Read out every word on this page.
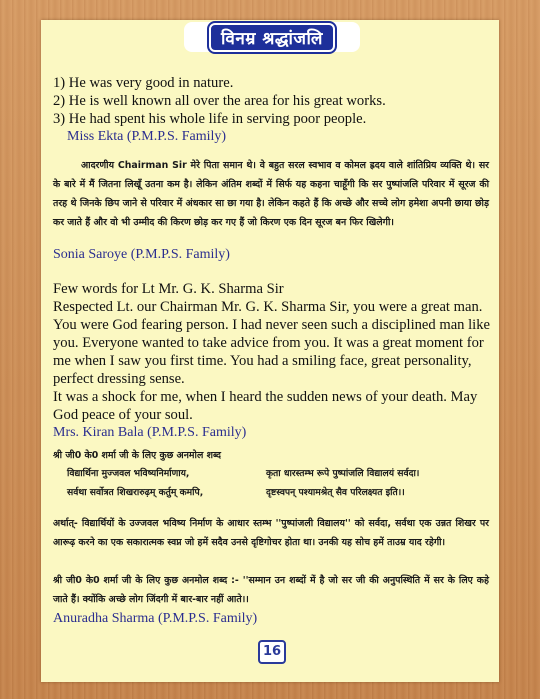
विनम्र श्रद्धांजलि

1) He was very good in nature.

2) He is well known all over the area for his great works.

3) He had spent his whole life in serving poor people.

Miss Ekta (P.M.P.S. Family)

आदरणीय Chairman Sir मेरे पिता समान थे। वे बहुत सरल स्वभाव व कोमल ह्रदय वाले शांतिप्रिय व्यक्ति थे। सर के बारे में मैं जितना लिखूँ उतना कम है। लेकिन अंतिम शब्दों में सिर्फ यह कहना चाहूँगी कि सर पुष्पांजलि परिवार में सूरज की तरह थे जिनके छिप जाने से परिवार में अंधकार सा छा गया है। लेकिन कहते हैं कि अच्छे और सच्चे लोग हमेशा अपनी छाया छोड़ कर जाते हैं और वो भी उम्मीद की किरण छोड़ कर गए हैं जो किरण एक दिन सूरज बन फिर खिलेगी।

Sonia Saroye (P.M.P.S. Family)

Few words for Lt Mr. G. K. Sharma Sir

Respected Lt. our Chairman Mr. G. K. Sharma Sir, you were a great man.

You were God fearing person. I had never seen such a disciplined man like

you. Everyone wanted to take advice from you. It was a great moment for

me when I saw you first time. You had a smiling face, great personality,

perfect dressing sense.

It was a shock for me, when I heard the sudden news of your death. May

God peace of your soul.

Mrs. Kiran Bala (P.M.P.S. Family)

श्री जी0 के0 शर्मा जी के लिए कुछ अनमोल शब्द
विद्यार्थिना मुज्जवल भविष्यनिर्माणाय,	कृता धारस्तम्भ रूपे पुष्पांजलि विद्यालयं सर्वदा।
सर्वथा सर्वोत्रत शिखरारुढ़म् कर्तुम् कमपि,	दृष्टस्वपन् पश्यामश्रेत् सैव परिलक्ष्यत इति।।

अर्थात्- विद्यार्थियों के उज्जवल भविष्य निर्माण के आधार स्तम्भ ''पुष्पांजली विद्यालय'' को सर्वदा, सर्वथा एक उन्नत शिखर पर आरूढ़ करने का एक सकारात्मक स्वप्न जो हमें सदैव उनसे दृष्टिगोचर होता था। उनकी यह सोच हमें ताउम्र याद रहेगी।

श्री जी0 के0 शर्मा जी के लिए कुछ अनमोल शब्द :- ''सम्मान उन शब्दों में है जो सर जी की अनुपस्थिति में सर के लिए कहे जाते हैं। क्योंकि अच्छे लोग जिंदगी में बार-बार नहीं आते।।

Anuradha Sharma (P.M.P.S. Family)
16
